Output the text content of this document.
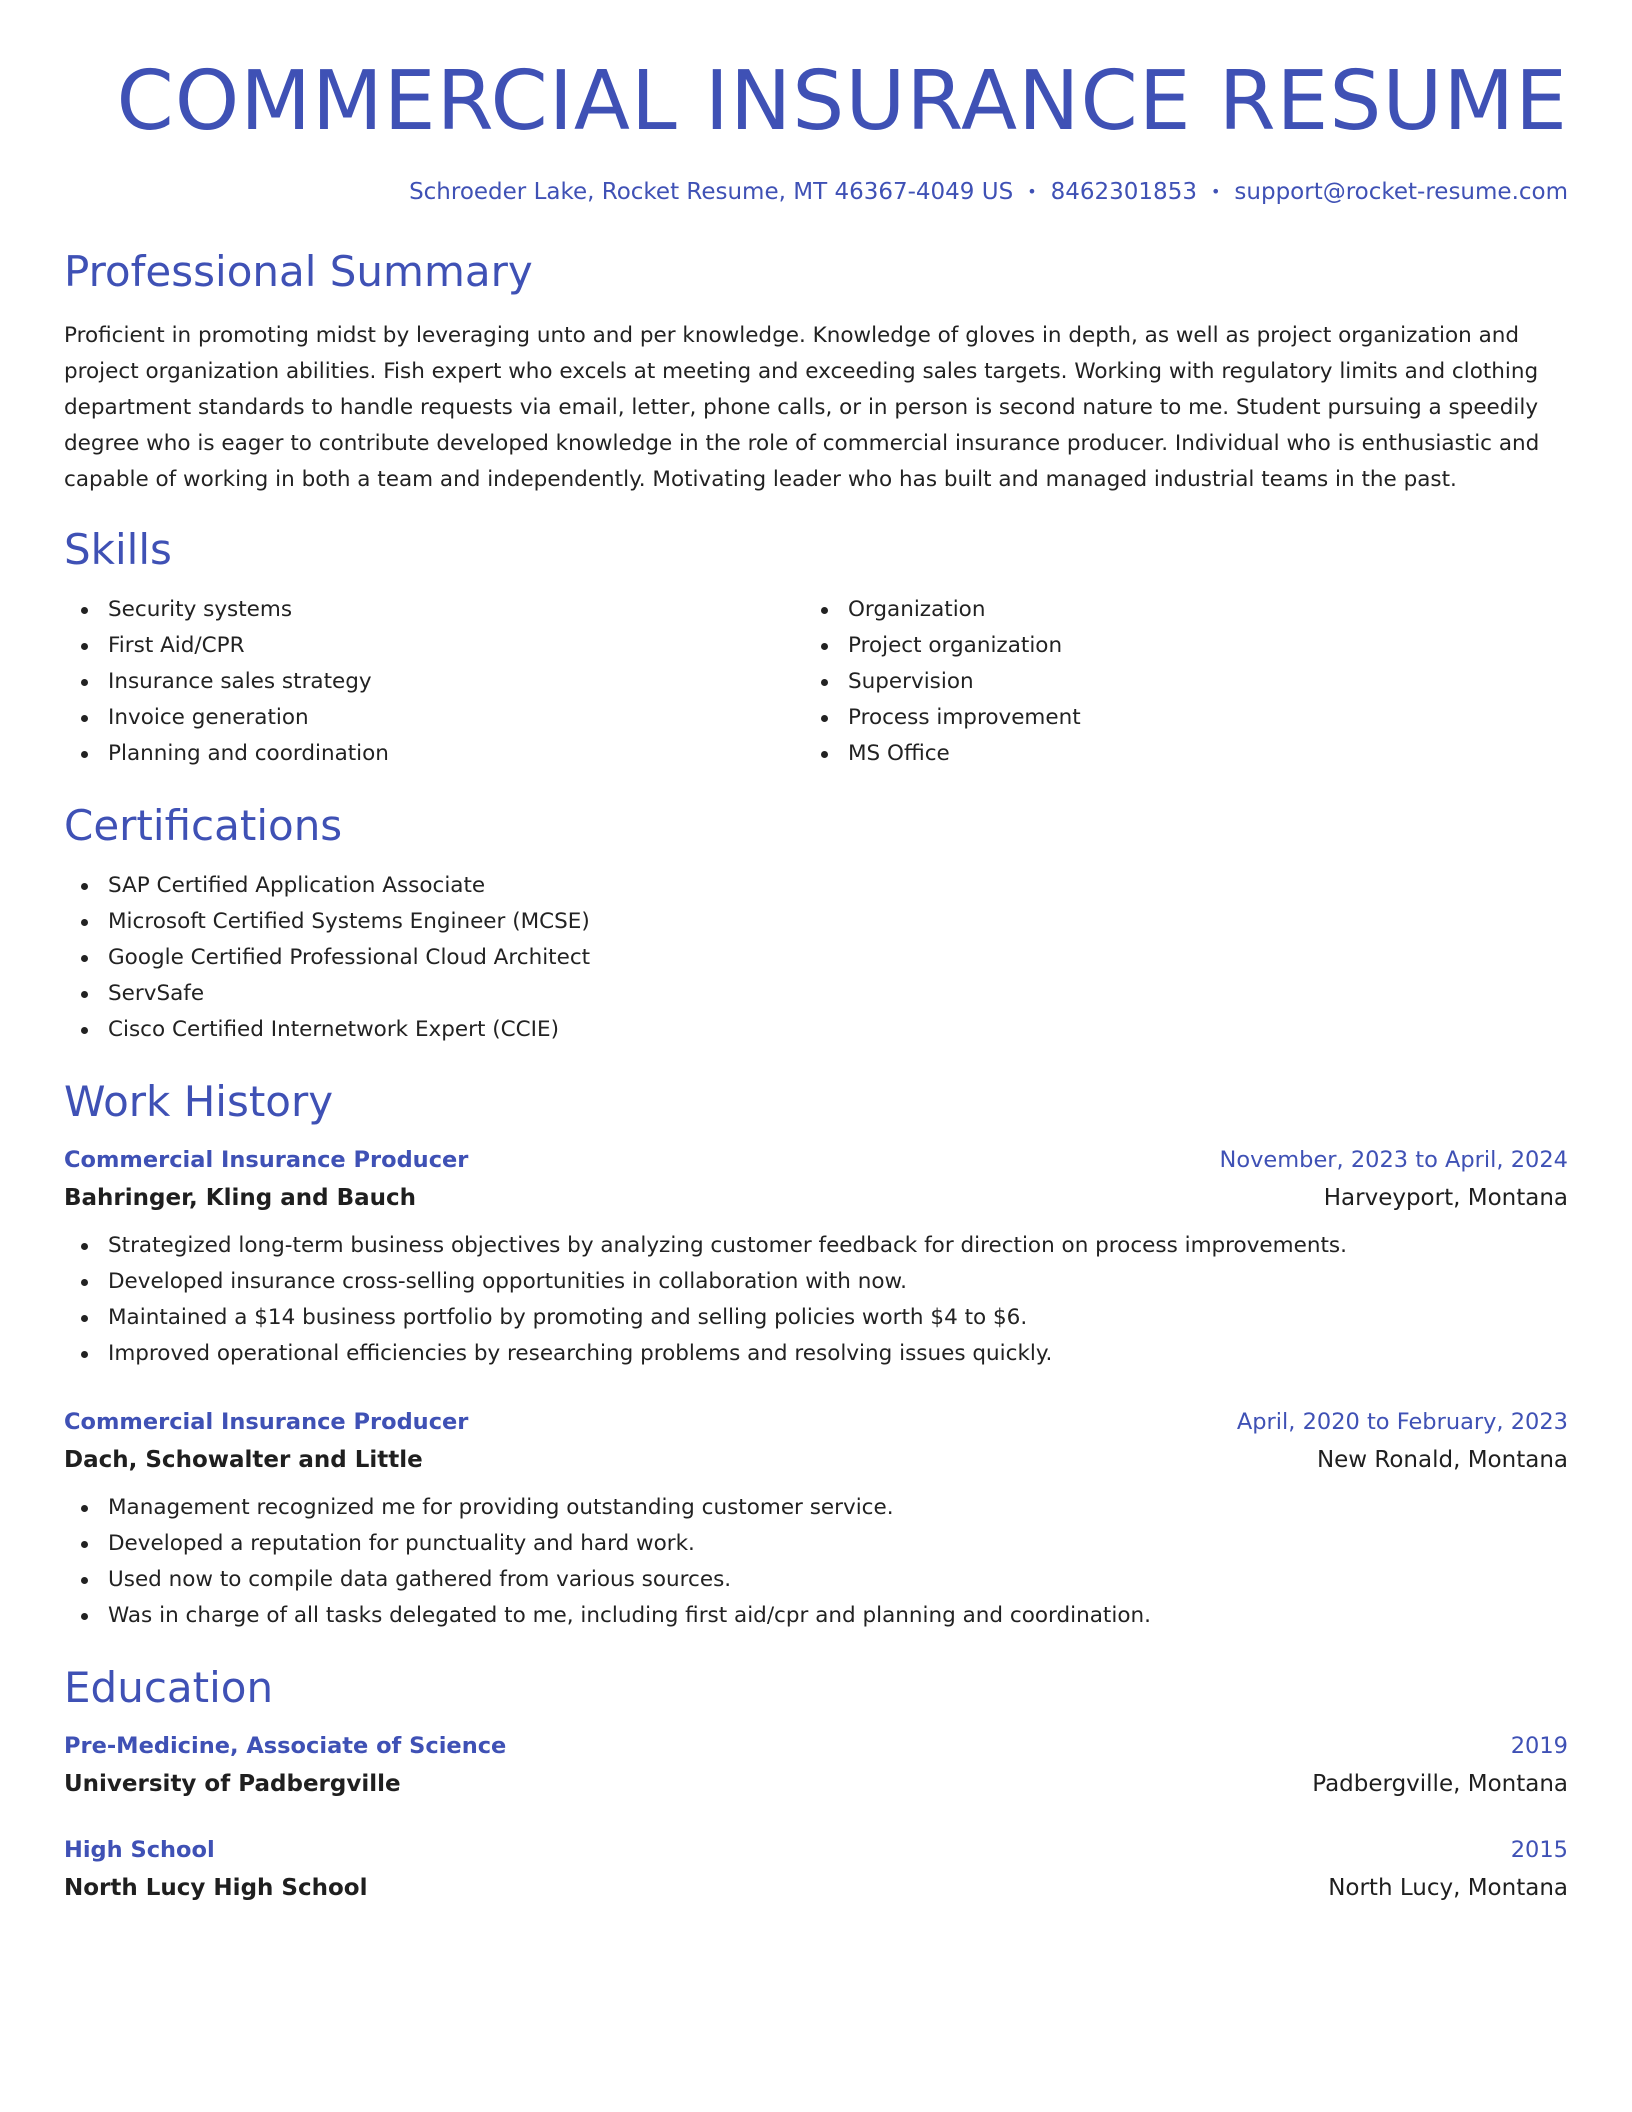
COMMERCIAL INSURANCE RESUME
Schroeder Lake, Rocket Resume, MT 46367-4049 US • 8462301853 • support@rocket-resume.com
Professional Summary

Proficient in promoting midst by leveraging unto and per knowledge. Knowledge of gloves in depth, as well as project organization and project organization abilities. Fish expert who excels at meeting and exceeding sales targets. Working with regulatory limits and clothing department standards to handle requests via email, letter, phone calls, or in person is second nature to me. Student pursuing a speedily degree who is eager to contribute developed knowledge in the role of commercial insurance producer. Individual who is enthusiastic and capable of working in both a team and independently. Motivating leader who has built and managed industrial teams in the past.

Skills
Security systems
First Aid/CPR
Insurance sales strategy
Invoice generation
Planning and coordination
Organization
Project organization
Supervision
Process improvement
MS Office
Certifications
SAP Certified Application Associate
Microsoft Certified Systems Engineer (MCSE)
Google Certified Professional Cloud Architect
ServSafe
Cisco Certified Internetwork Expert (CCIE)
Work History
Commercial Insurance Producer	November, 2023 to April, 2024
Bahringer, Kling and Bauch	Harveyport, Montana
Strategized long-term business objectives by analyzing customer feedback for direction on process improvements.
Developed insurance cross-selling opportunities in collaboration with now.
Maintained a $14 business portfolio by promoting and selling policies worth $4 to $6.
Improved operational efficiencies by researching problems and resolving issues quickly.
Commercial Insurance Producer	April, 2020 to February, 2023
Dach, Schowalter and Little	New Ronald, Montana
Management recognized me for providing outstanding customer service.
Developed a reputation for punctuality and hard work.
Used now to compile data gathered from various sources.
Was in charge of all tasks delegated to me, including first aid/cpr and planning and coordination.
Education
Pre-Medicine, Associate of Science	2019
University of Padbergville	Padbergville, Montana
High School	2015
North Lucy High School	North Lucy, Montana
